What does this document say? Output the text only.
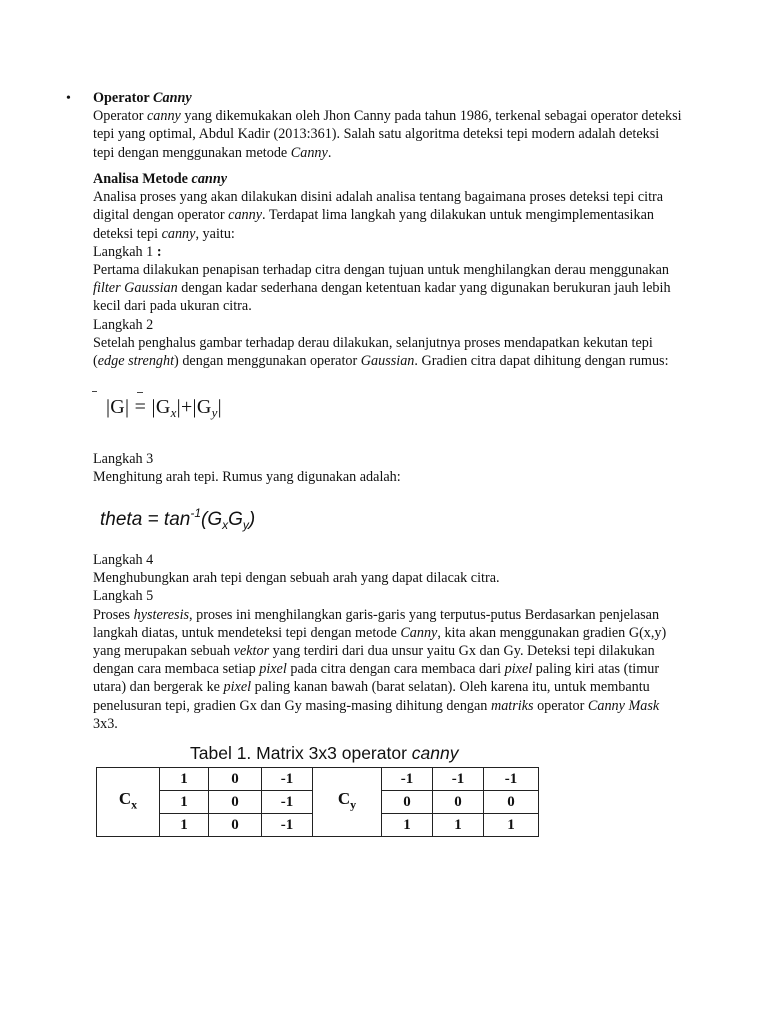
• Operator Canny

Operator canny yang dikemukakan oleh Jhon Canny pada tahun 1986, terkenal sebagai operator deteksi tepi yang optimal, Abdul Kadir (2013:361). Salah satu algoritma deteksi tepi modern adalah deteksi tepi dengan menggunakan metode Canny.

Analisa Metode canny

Analisa proses yang akan dilakukan disini adalah analisa tentang bagaimana proses deteksi tepi citra digital dengan operator canny. Terdapat lima langkah yang dilakukan untuk mengimplementasikan deteksi tepi canny, yaitu:

Langkah 1 :

Pertama dilakukan penapisan terhadap citra dengan tujuan untuk menghilangkan derau menggunakan filter Gaussian dengan kadar sederhana dengan ketentuan kadar yang digunakan berukuran jauh lebih kecil dari pada ukuran citra.

Langkah 2

Setelah penghalus gambar terhadap derau dilakukan, selanjutnya proses mendapatkan kekutan tepi (edge strenght) dengan menggunakan operator Gaussian. Gradien citra dapat dihitung dengan rumus:

$|G| = |G_x|+|G_y|$

Langkah 3

Menghitung arah tepi. Rumus yang digunakan adalah:

theta = $\tan^{-1}(G_xG_y)$

Langkah 4

Menghubungkan arah tepi dengan sebuah arah yang dapat dilacak citra.

Langkah 5

Proses hysteresis, proses ini menghilangkan garis-garis yang terputus-putus Berdasarkan penjelasan langkah diatas, untuk mendeteksi tepi dengan metode Canny, kita akan menggunakan gradien G(x,y) yang merupakan sebuah vektor yang terdiri dari dua unsur yaitu Gx dan Gy. Deteksi tepi dilakukan dengan cara membaca setiap pixel pada citra dengan cara membaca dari pixel paling kiri atas (timur utara) dan bergerak ke pixel paling kanan bawah (barat selatan). Oleh karena itu, untuk membantu penelusuran tepi, gradien Gx dan Gy masing-masing dihitung dengan matriks operator Canny Mask 3x3.

Tabel 1. Matrix 3x3 operator canny
$C_x$	1	0	-1	$C_y$	-1	-1	-1
	1	0	-1		0	0	0
	1	0	-1		1	1	1
